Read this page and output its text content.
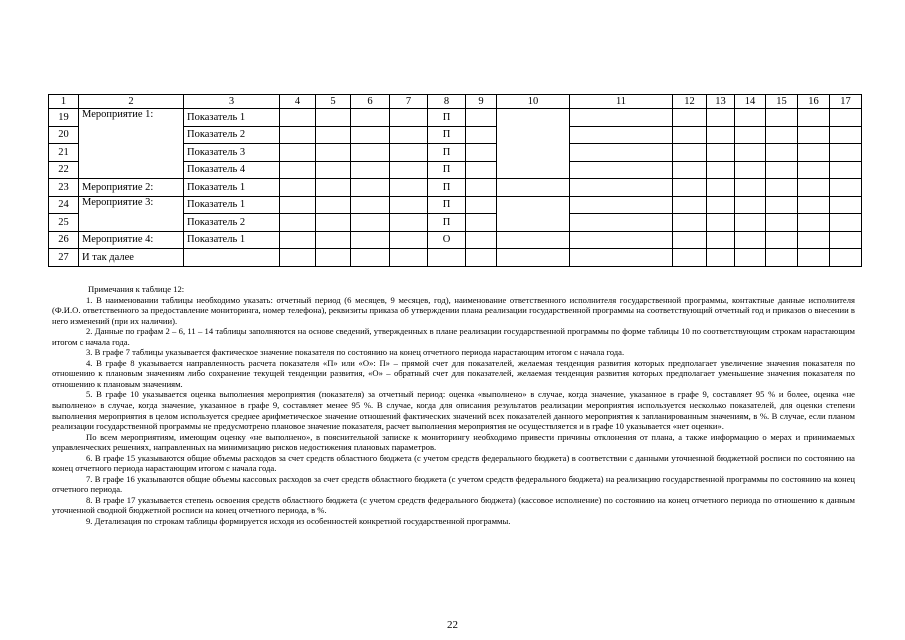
1	2	3	4	5	6	7	8	9	10	11	12	13	14	15	16	17
19	Мероприятие 1:	Показатель 1					П									
20		Показатель 2					П									
21		Показатель 3					П									
22		Показатель 4					П									
23	Мероприятие 2:	Показатель 1					П									
24	Мероприятие 3:	Показатель 1					П									
25		Показатель 2					П									
26	Мероприятие 4:	Показатель 1					О									
27	И так далее															

Примечания к таблице 12:

1. В наименовании таблицы необходимо указать: отчетный период (6 месяцев, 9 месяцев, год), наименование ответственного исполнителя государственной программы, контактные данные исполнителя (Ф.И.О. ответственного за предоставление мониторинга, номер телефона), реквизиты приказа об утверждении плана реализации государственной программы на соответствующий отчетный год и приказов о внесении в него изменений (при их наличии).

2. Данные по графам 2 – 6, 11 – 14 таблицы заполняются на основе сведений, утвержденных в плане реализации государственной программы по форме таблицы 10 по соответствующим строкам нарастающим итогом с начала года.

3. В графе 7 таблицы указывается фактическое значение показателя по состоянию на конец отчетного периода нарастающим итогом с начала года.

4. В графе 8 указывается направленность расчета показателя «П» или «О»: П» – прямой счет для показателей, желаемая тенденция развития которых предполагает увеличение значения показателя по отношению к плановым значениям либо сохранение текущей тенденции развития, «О» – обратный счет для показателей, желаемая тенденция развития которых предполагает уменьшение значения показателя по отношению к плановым значениям.

5. В графе 10 указывается оценка выполнения мероприятия (показателя) за отчетный период: оценка «выполнено» в случае, когда значение, указанное в графе 9, составляет 95 % и более, оценка «не выполнено» в случае, когда значение, указанное в графе 9, составляет менее 95 %. В случае, когда для описания результатов реализации мероприятия используется несколько показателей, для оценки степени выполнения мероприятия в целом используется среднее арифметическое значение отношений фактических значений всех показателей данного мероприятия к запланированным значениям, в %. В случае, если планом реализации государственной программы не предусмотрено плановое значение показателя, расчет выполнения мероприятия не осуществляется и в графе 10 указывается «нет оценки».

По всем мероприятиям, имеющим оценку «не выполнено», в пояснительной записке к мониторингу необходимо привести причины отклонения от плана, а также информацию о мерах и принимаемых управленческих решениях, направленных на минимизацию рисков недостижения плановых параметров.

6. В графе 15 указываются общие объемы расходов за счет средств областного бюджета (с учетом средств федерального бюджета) в соответствии с данными уточненной бюджетной росписи по состоянию на конец отчетного периода нарастающим итогом с начала года.

7. В графе 16 указываются общие объемы кассовых расходов за счет средств областного бюджета (с учетом средств федерального бюджета) на реализацию государственной программы по состоянию на конец отчетного периода.

8. В графе 17 указывается степень освоения средств областного бюджета (с учетом средств федерального бюджета) (кассовое исполнение) по состоянию на конец отчетного периода по отношению к данным уточненной сводной бюджетной росписи на конец отчетного периода, в %.

9. Детализация по строкам таблицы формируется исходя из особенностей конкретной государственной программы.

22
